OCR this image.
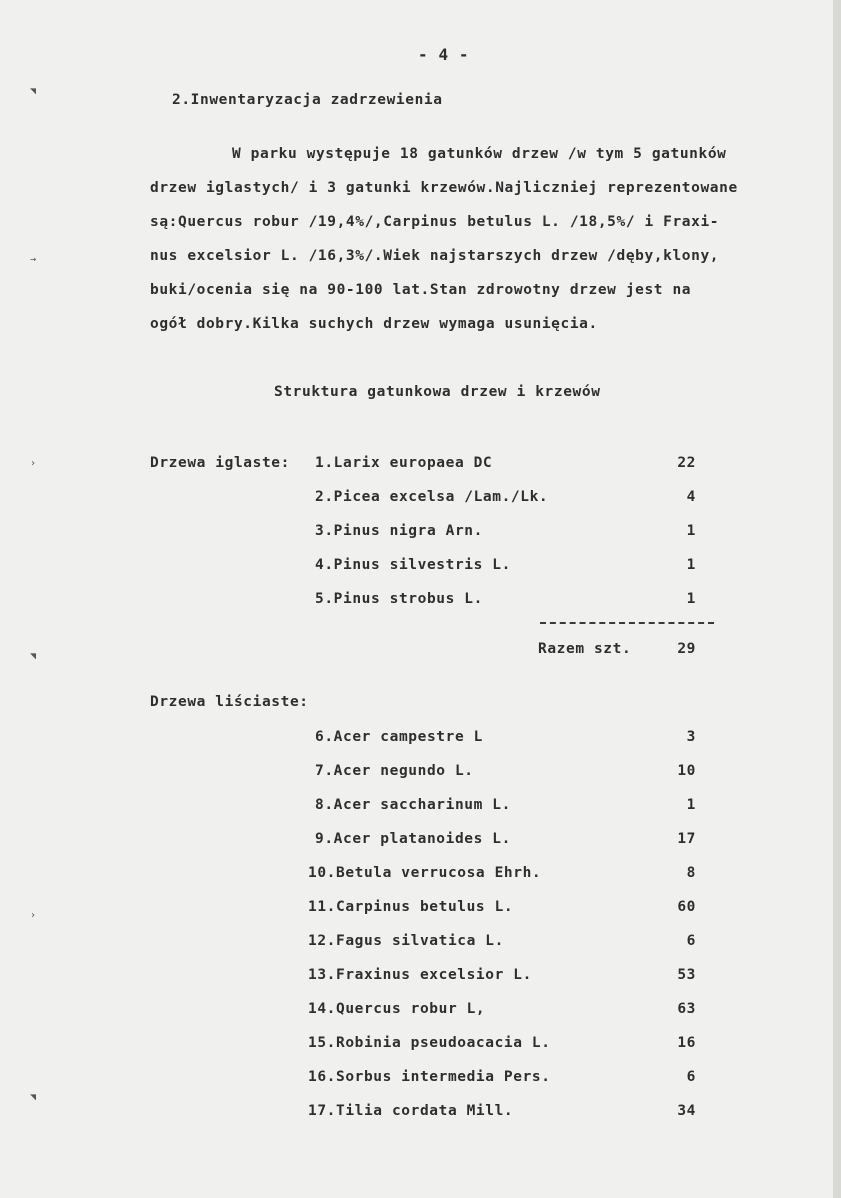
- 4 -
2.Inwentaryzacja zadrzewienia
W parku występuje 18 gatunków drzew /w tym 5 gatunków
drzew iglastych/ i 3 gatunki krzewów.Najliczniej reprezentowane
są:Quercus robur /19,4%/,Carpinus betulus L. /18,5%/ i Fraxi-
nus excelsior L. /16,3%/.Wiek najstarszych drzew /dęby,klony,
buki/ocenia się na 90-100 lat.Stan zdrowotny drzew jest na
ogół dobry.Kilka suchych drzew wymaga usunięcia.
Struktura gatunkowa drzew i krzewów
Drzewa iglaste: 1.Larix europaea DC	22
2.Picea excelsa /Lam./Lk.	4
3.Pinus nigra Arn.	1
4.Pinus silvestris L.	1
5.Pinus strobus L.	1
Razem szt.	29
Drzewa liściaste:
6.Acer campestre L	3
7.Acer negundo L.	10
8.Acer saccharinum L.	1
9.Acer platanoides L.	17
10.Betula verrucosa Ehrh.	8
11.Carpinus betulus L.	60
12.Fagus silvatica L.	6
13.Fraxinus excelsior L.	53
14.Quercus robur L,	63
15.Robinia pseudoacacia L.	16
16.Sorbus intermedia Pers.	6
17.Tilia cordata Mill.	34
◥
→
›
◥
›
◥
